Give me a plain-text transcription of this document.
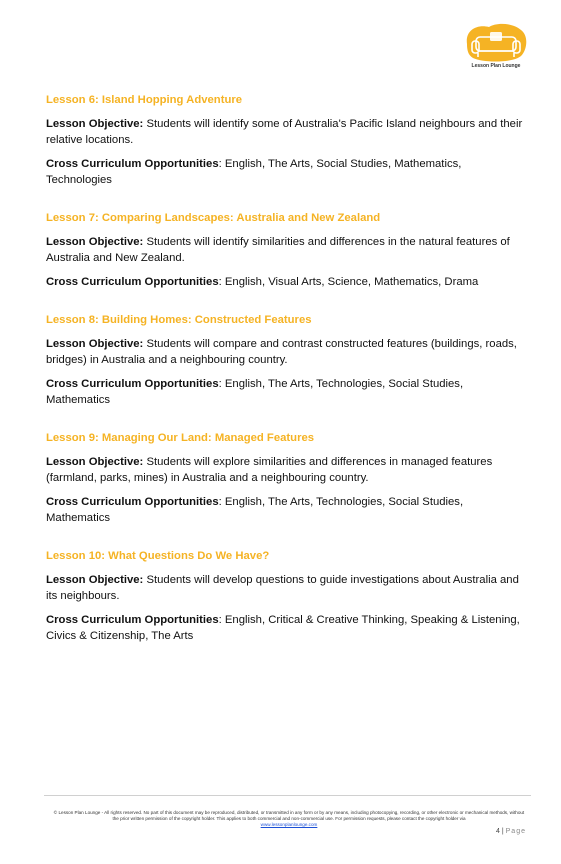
Lesson Plan Lounge
Lesson 6: Island Hopping Adventure

Lesson Objective: Students will identify some of Australia's Pacific Island neighbours and their relative locations.

Cross Curriculum Opportunities: English, The Arts, Social Studies, Mathematics, Technologies

Lesson 7: Comparing Landscapes: Australia and New Zealand

Lesson Objective: Students will identify similarities and differences in the natural features of Australia and New Zealand.

Cross Curriculum Opportunities: English, Visual Arts, Science, Mathematics, Drama

Lesson 8: Building Homes: Constructed Features

Lesson Objective: Students will compare and contrast constructed features (buildings, roads, bridges) in Australia and a neighbouring country.

Cross Curriculum Opportunities: English, The Arts, Technologies, Social Studies, Mathematics

Lesson 9: Managing Our Land: Managed Features

Lesson Objective: Students will explore similarities and differences in managed features (farmland, parks, mines) in Australia and a neighbouring country.

Cross Curriculum Opportunities: English, The Arts, Technologies, Social Studies, Mathematics

Lesson 10: What Questions Do We Have?

Lesson Objective: Students will develop questions to guide investigations about Australia and its neighbours.

Cross Curriculum Opportunities: English, Critical & Creative Thinking, Speaking & Listening, Civics & Citizenship, The Arts

© Lesson Plan Lounge - All rights reserved. No part of this document may be reproduced, distributed, or transmitted in any form or by any means, including photocopying, recording, or other electronic or mechanical methods, without the prior written permission of the copyright holder. This applies to both commercial and non-commercial use. For permission requests, please contact the copyright holder via
www.lessonplanlounge.com
4 | Page
